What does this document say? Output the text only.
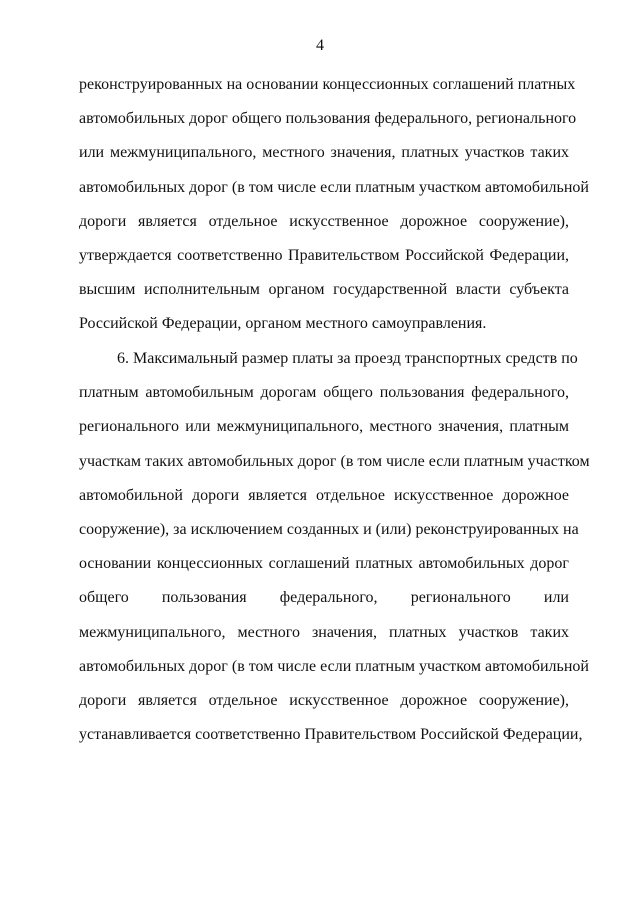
4
реконструированных на основании концессионных соглашений платных
автомобильных дорог общего пользования федерального, регионального
или межмуниципального, местного значения, платных участков таких
автомобильных дорог (в том числе если платным участком автомобильной
дороги является отдельное искусственное дорожное сооружение),
утверждается соответственно Правительством Российской Федерации,
высшим исполнительным органом государственной власти субъекта
Российской Федерации, органом местного самоуправления.
6. Максимальный размер платы за проезд транспортных средств по
платным автомобильным дорогам общего пользования федерального,
регионального или межмуниципального, местного значения, платным
участкам таких автомобильных дорог (в том числе если платным участком
автомобильной дороги является отдельное искусственное дорожное
сооружение), за исключением созданных и (или) реконструированных на
основании концессионных соглашений платных автомобильных дорог
общего пользования федерального, регионального или
межмуниципального, местного значения, платных участков таких
автомобильных дорог (в том числе если платным участком автомобильной
дороги является отдельное искусственное дорожное сооружение),
устанавливается соответственно Правительством Российской Федерации,
